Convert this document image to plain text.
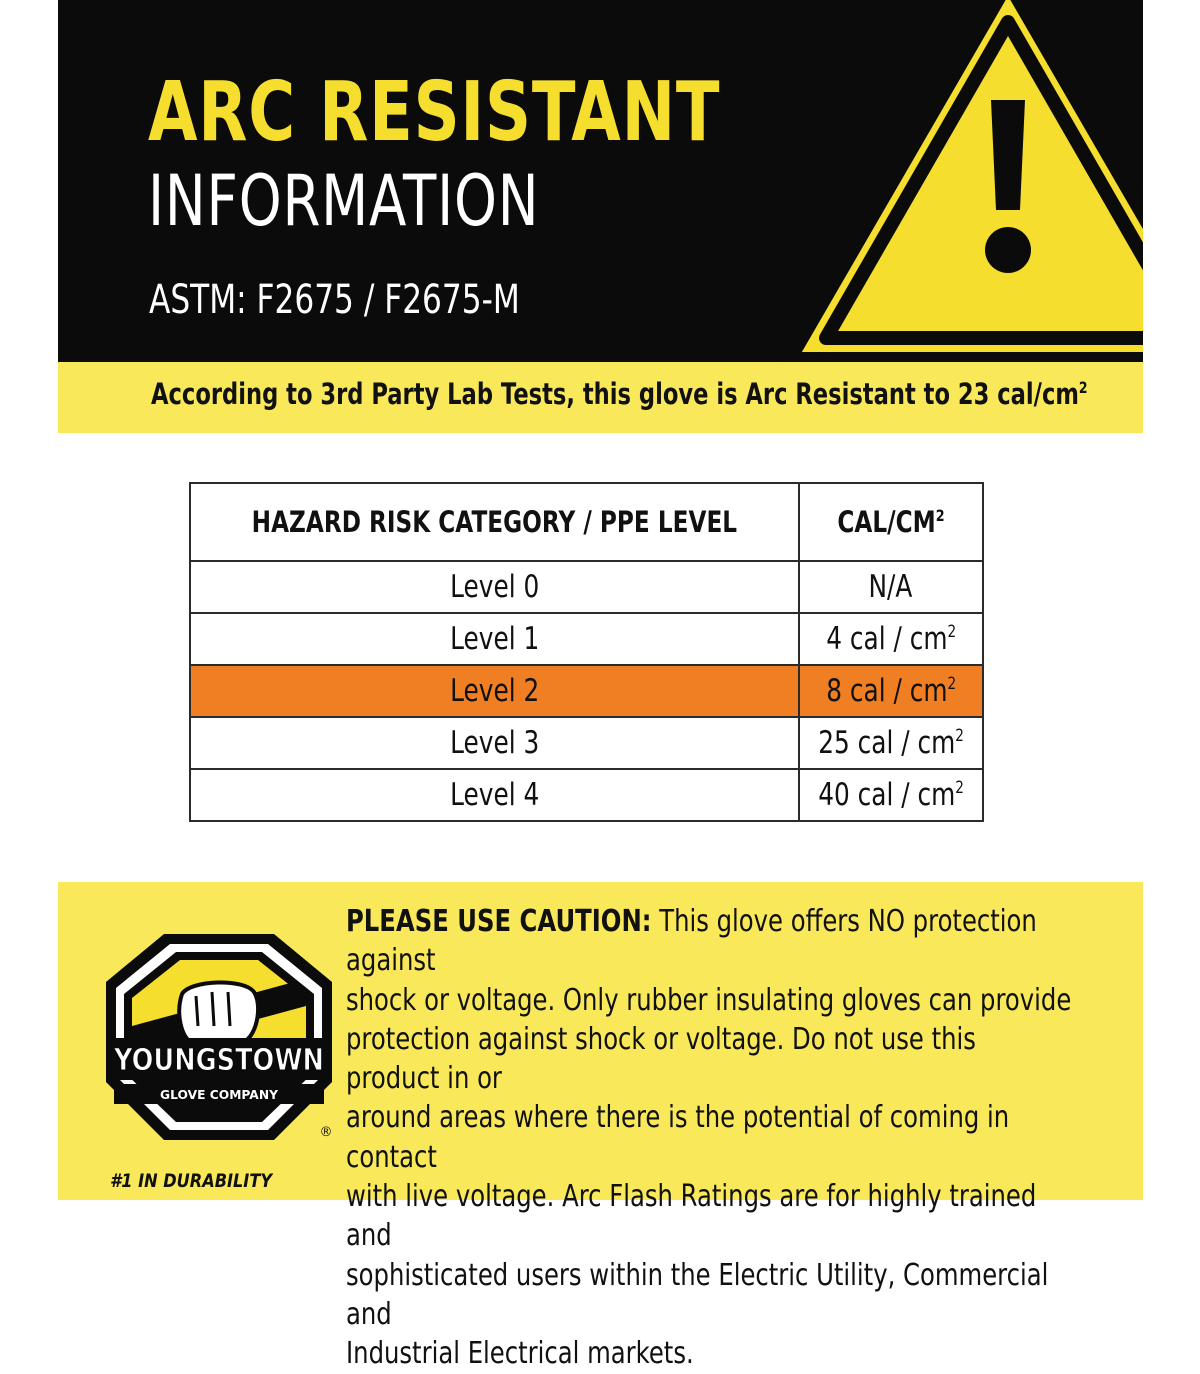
ARC RESISTANT
INFORMATION
ASTM: F2675 / F2675-M
According to 3rd Party Lab Tests, this glove is Arc Resistant to 23 cal/$cm^2$
HAZARD RISK CATEGORY / PPE LEVEL	CAL/$CM^2$
Level 0	N/A
Level 1	4 cal / $cm^2$
Level 2	8 cal / $cm^2$
Level 3	25 cal / $cm^2$
Level 4	40 cal / $cm^2$
YOUNGSTOWN
GLOVE COMPANY
®
#1 IN DURABILITY
PLEASE USE CAUTION: This glove offers NO protection against
shock or voltage. Only rubber insulating gloves can provide
protection against shock or voltage. Do not use this product in or
around areas where there is the potential of coming in contact
with live voltage. Arc Flash Ratings are for highly trained and
sophisticated users within the Electric Utility, Commercial and
Industrial Electrical markets.
